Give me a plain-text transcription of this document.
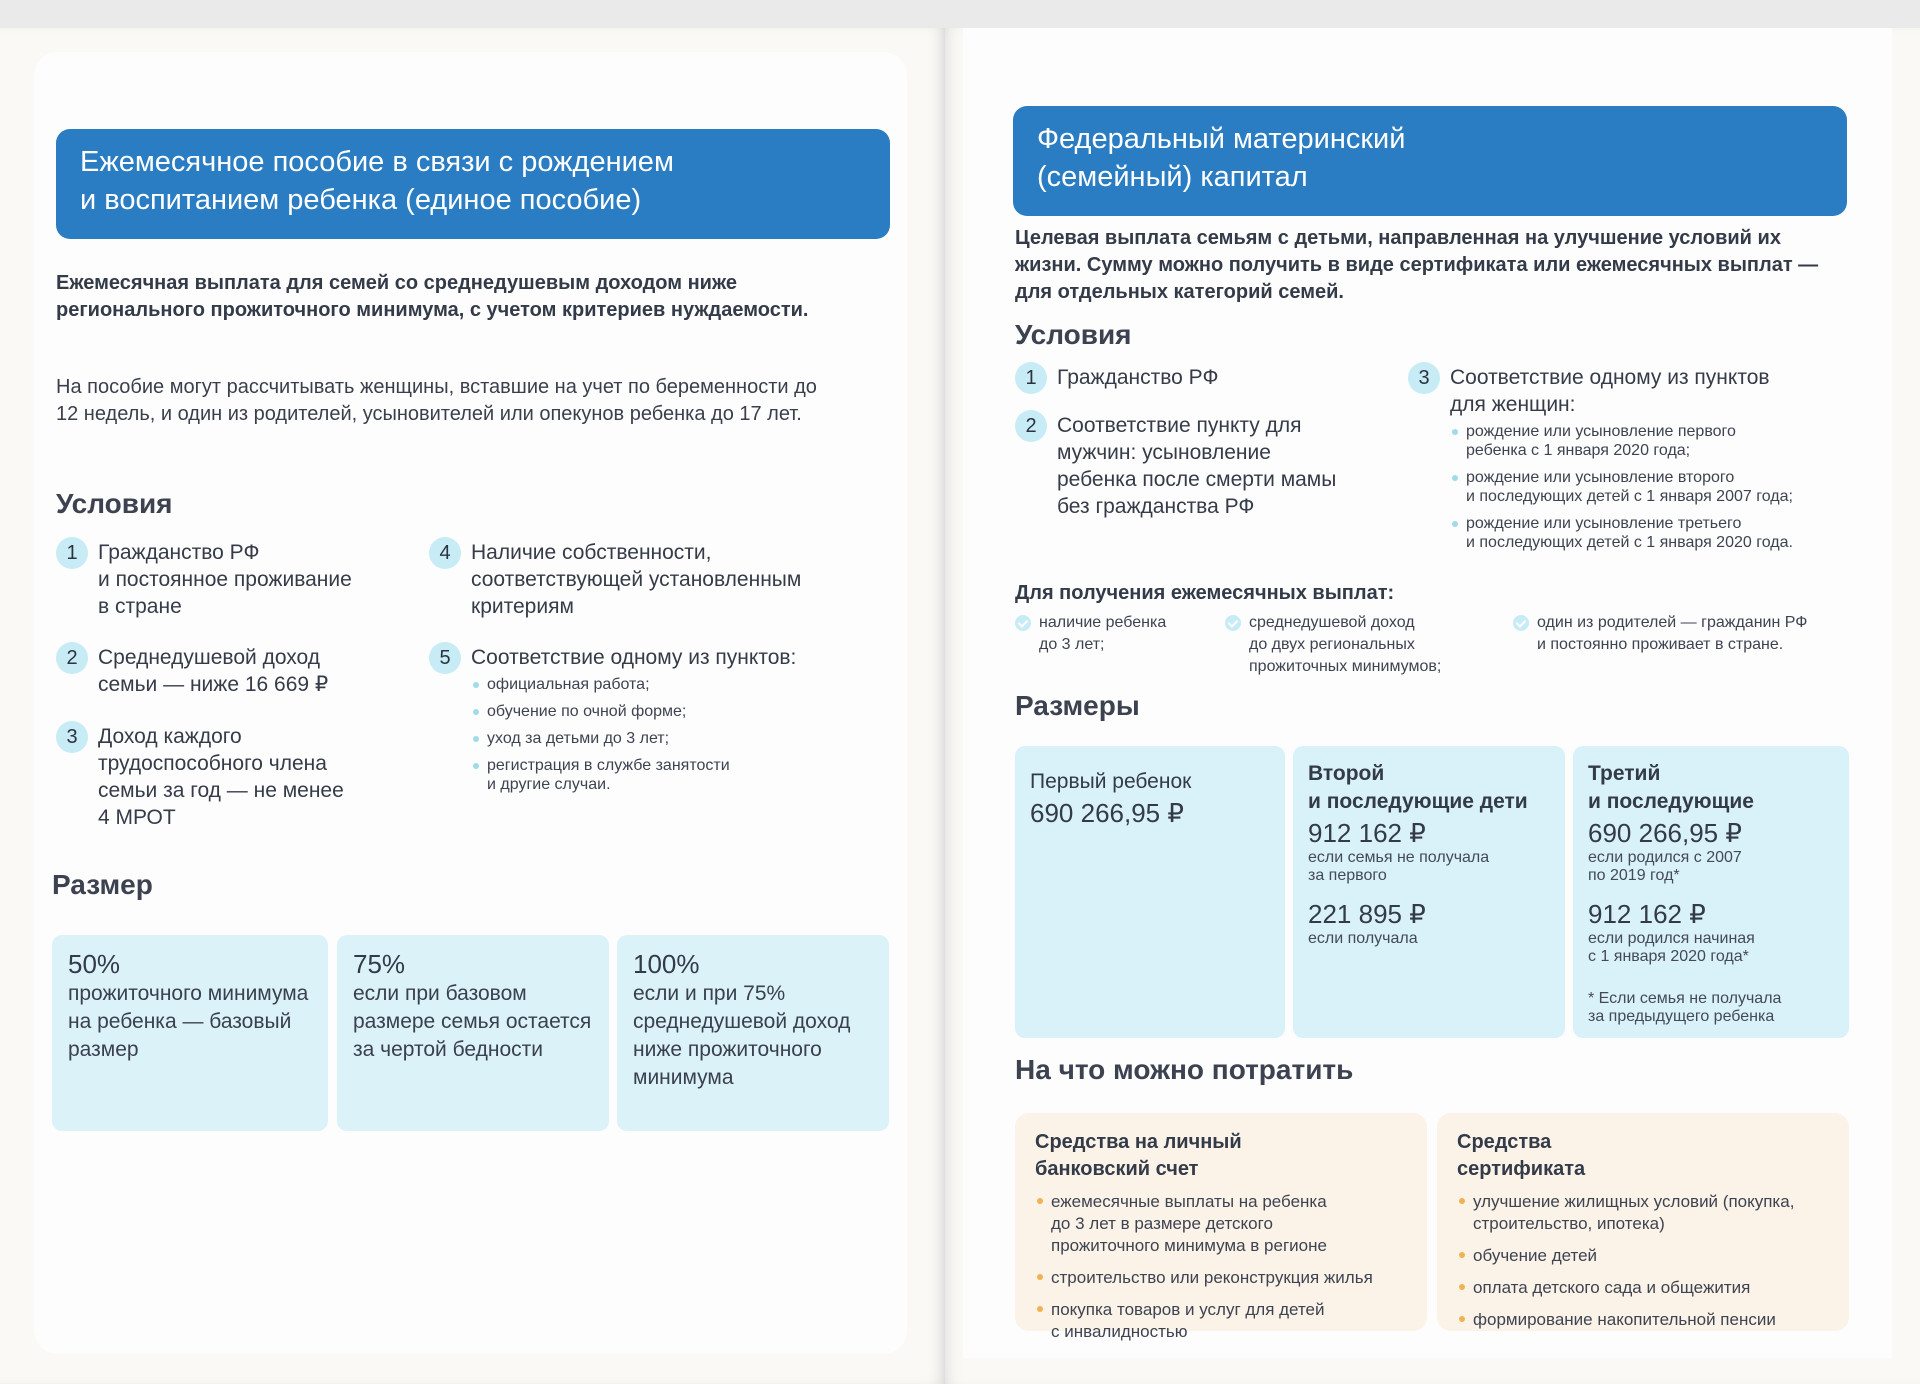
Ежемесячное пособие в связи с рождением
и воспитанием ребенка (единое пособие)
Ежемесячная выплата для семей со среднедушевым доходом ниже регионального прожиточного минимума, с учетом критериев нуждаемости.
На пособие могут рассчитывать женщины, вставшие на учет по беременности до 12 недель, и один из родителей, усыновителей или опекунов ребенка до 17 лет.
Условия
1 Гражданство РФ
и постоянное проживание
в стране
2 Среднедушевой доход
семьи — ниже 16 669 ₽
3 Доход каждого
трудоспособного члена
семьи за год — не менее
4 МРОТ
4 Наличие собственности,
соответствующей установленным
критериям
5 Соответствие одному из пунктов:
официальная работа;
обучение по очной форме;
уход за детьми до 3 лет;
регистрация в службе занятости
и другие случаи.
Размер
50%
прожиточного минимума на ребенка — базовый размер
75%
если при базовом размере семья остается за чертой бедности
100%
если и при 75% среднедушевой доход ниже прожиточного минимума
Федеральный материнский
(семейный) капитал
Целевая выплата семьям с детьми, направленная на улучшение условий их жизни. Сумму можно получить в виде сертификата или ежемесячных выплат — для отдельных категорий семей.
Условия
1 Гражданство РФ
2 Соответствие пункту для
мужчин: усыновление
ребенка после смерти мамы
без гражданства РФ
3 Соответствие одному из пунктов
для женщин:
рождение или усыновление первого
ребенка с 1 января 2020 года;
рождение или усыновление второго
и последующих детей с 1 января 2007 года;
рождение или усыновление третьего
и последующих детей с 1 января 2020 года.
Для получения ежемесячных выплат:
наличие ребенка
до 3 лет;
среднедушевой доход
до двух региональных
прожиточных минимумов;
один из родителей — гражданин РФ
и постоянно проживает в стране.
Размеры
Первый ребенок
690 266,95 ₽
Второй
и последующие дети
912 162 ₽
если семья не получала
за первого
221 895 ₽
если получала
Третий
и последующие
690 266,95 ₽
если родился с 2007
по 2019 год*
912 162 ₽
если родился начиная
с 1 января 2020 года*
* Если семья не получала
за предыдущего ребенка
На что можно потратить
Средства на личный
банковский счет
ежемесячные выплаты на ребенка
до 3 лет в размере детского
прожиточного минимума в регионе
строительство или реконструкция жилья
покупка товаров и услуг для детей
с инвалидностью
Средства
сертификата
улучшение жилищных условий (покупка,
строительство, ипотека)
обучение детей
оплата детского сада и общежития
формирование накопительной пенсии
